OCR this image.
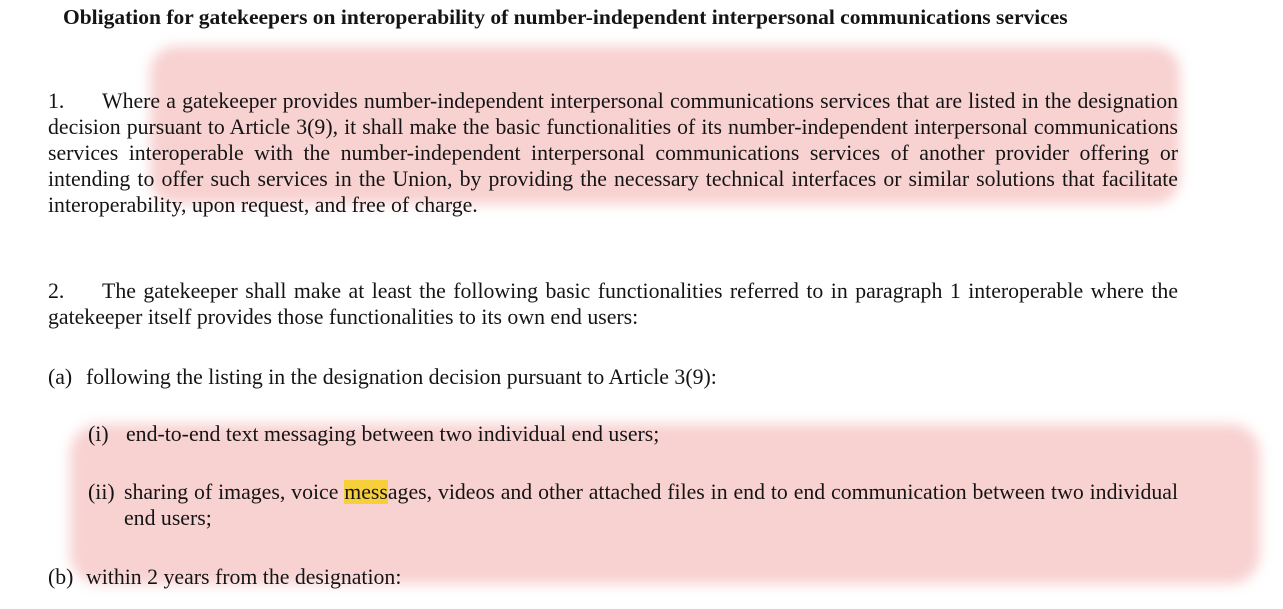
Obligation for gatekeepers on interoperability of number-independent interpersonal communications services
1. Where a gatekeeper provides number-independent interpersonal communications services that are listed in the designation decision pursuant to Article 3(9), it shall make the basic functionalities of its number-independent interpersonal communications services interoperable with the number-independent interpersonal communications services of another provider offering or intending to offer such services in the Union, by providing the necessary technical interfaces or similar solutions that facilitate interoperability, upon request, and free of charge.
2. The gatekeeper shall make at least the following basic functionalities referred to in paragraph 1 interoperable where the gatekeeper itself provides those functionalities to its own end users:
(a) following the listing in the designation decision pursuant to Article 3(9):
(i) end-to-end text messaging between two individual end users;
(ii) sharing of images, voice messages, videos and other attached files in end to end communication between two individual end users;
(b) within 2 years from the designation:
